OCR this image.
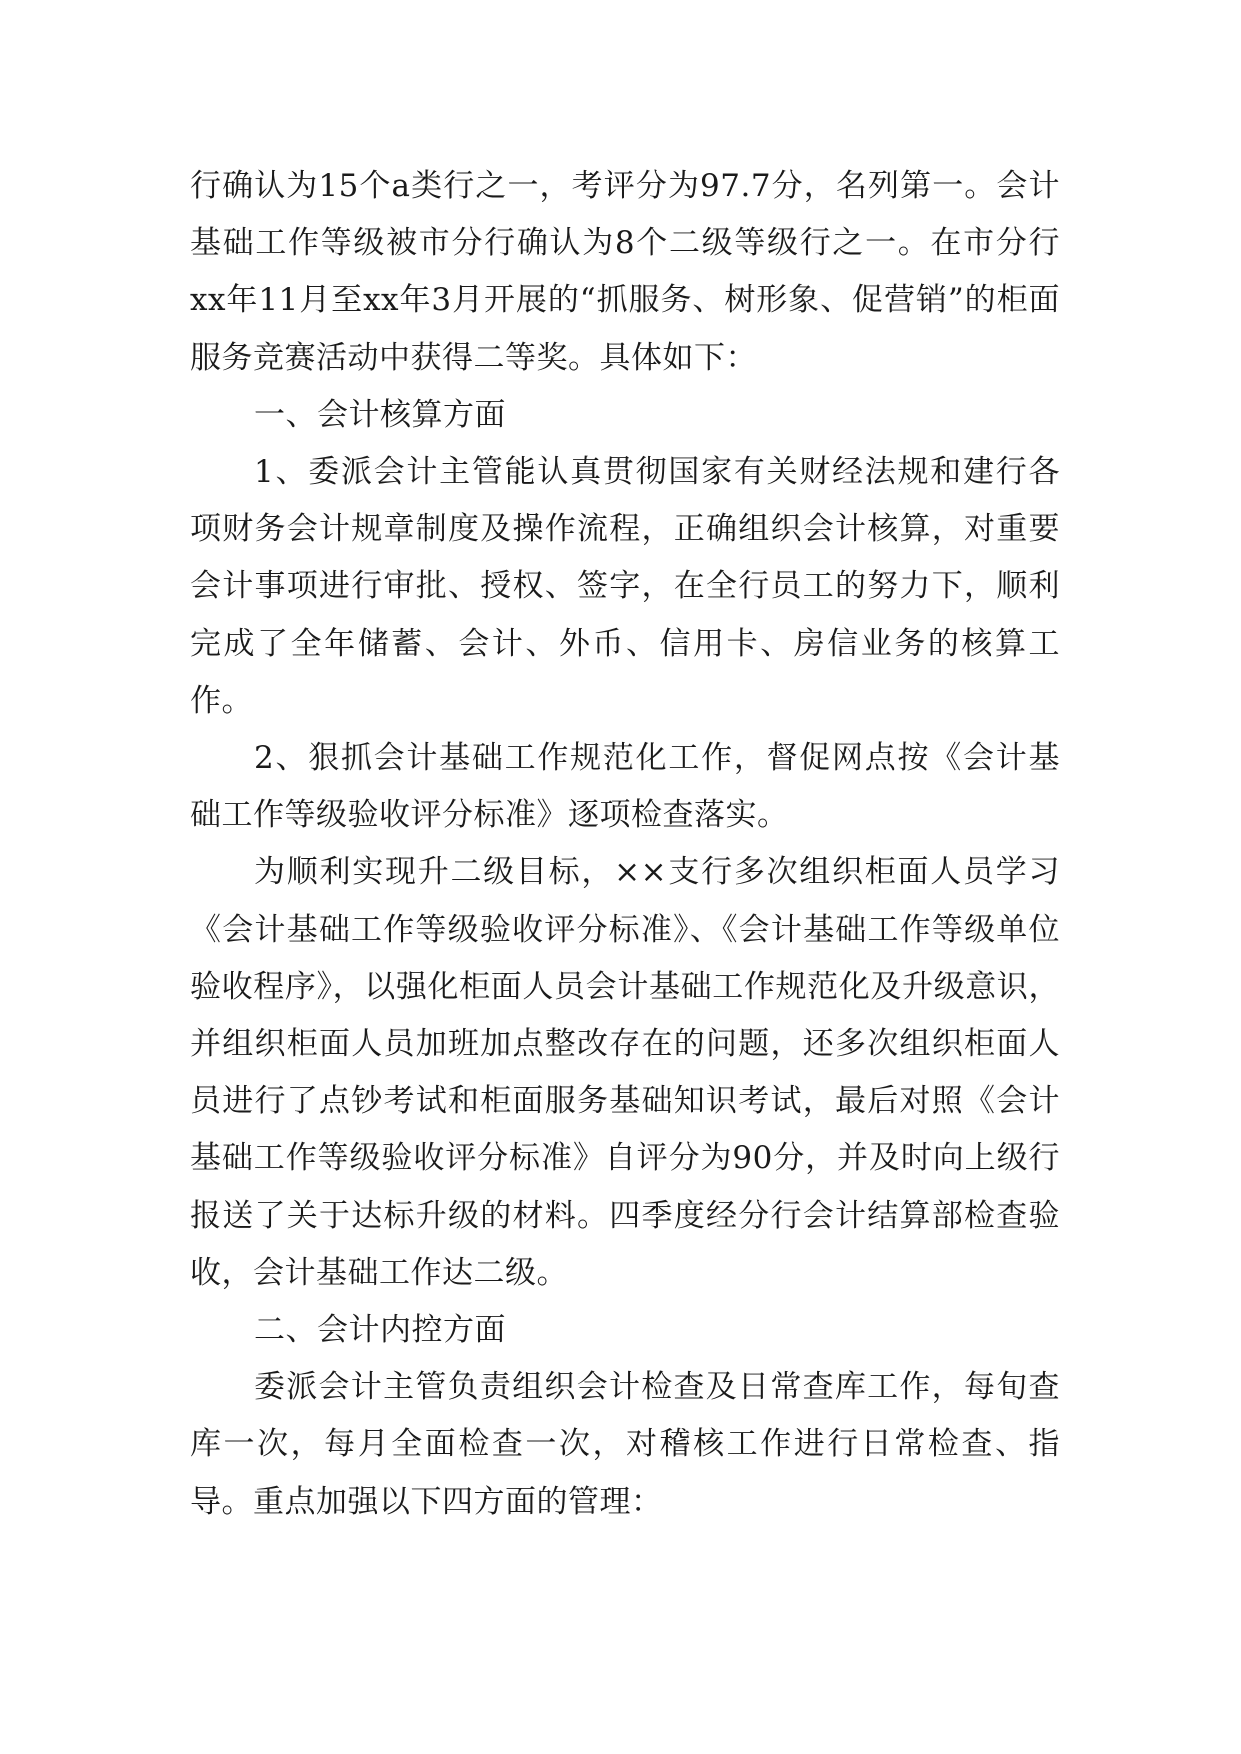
行确认为15个a类行之一，考评分为97.7分，名列第一。会计基础工作等级被市分行确认为8个二级等级行之一。在市分行xx年11月至xx年3月开展的“抓服务、树形象、促营销”的柜面服务竞赛活动中获得二等奖。具体如下：

一、会计核算方面

1、委派会计主管能认真贯彻国家有关财经法规和建行各项财务会计规章制度及操作流程，正确组织会计核算，对重要会计事项进行审批、授权、签字，在全行员工的努力下，顺利完成了全年储蓄、会计、外币、信用卡、房信业务的核算工作。

2、狠抓会计基础工作规范化工作，督促网点按《会计基础工作等级验收评分标准》逐项检查落实。

为顺利实现升二级目标，××支行多次组织柜面人员学习《会计基础工作等级验收评分标准》、《会计基础工作等级单位验收程序》，以强化柜面人员会计基础工作规范化及升级意识，并组织柜面人员加班加点整改存在的问题，还多次组织柜面人员进行了点钞考试和柜面服务基础知识考试，最后对照《会计基础工作等级验收评分标准》自评分为90分，并及时向上级行报送了关于达标升级的材料。四季度经分行会计结算部检查验收，会计基础工作达二级。

二、会计内控方面

委派会计主管负责组织会计检查及日常查库工作，每旬查库一次，每月全面检查一次，对稽核工作进行日常检查、指导。重点加强以下四方面的管理：
